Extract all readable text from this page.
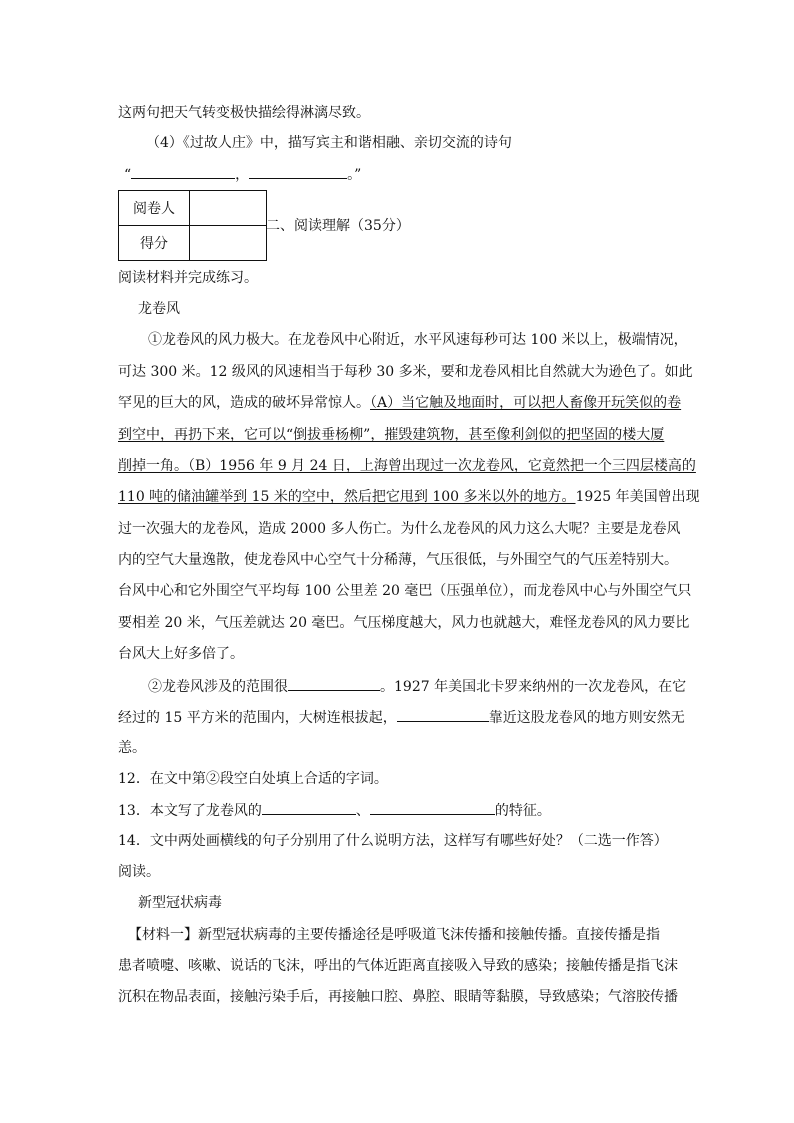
这两句把天气转变极快描绘得淋漓尽致。
（4）《过故人庄》中，描写宾主和谐相融、亲切交流的诗句
“	，	。”
阅卷人	
得分	
二、阅读理解（35分）
阅读材料并完成练习。
龙卷风
①龙卷风的风力极大。在龙卷风中心附近，水平风速每秒可达 100 米以上，极端情况，
可达 300 米。12 级风的风速相当于每秒 30 多米，要和龙卷风相比自然就大为逊色了。如此
罕见的巨大的风，造成的破坏异常惊人。（A）当它触及地面时，可以把人畜像开玩笑似的卷
到空中，再扔下来，它可以“倒拔垂杨柳”，摧毁建筑物，甚至像利剑似的把坚固的楼大厦
削掉一角。（B）1956 年 9 月 24 日，上海曾出现过一次龙卷风，它竟然把一个三四层楼高的
110 吨的储油罐举到 15 米的空中，然后把它甩到 100 多米以外的地方。1925 年美国曾出现
过一次强大的龙卷风，造成 2000 多人伤亡。为什么龙卷风的风力这么大呢？主要是龙卷风
内的空气大量逸散，使龙卷风中心空气十分稀薄，气压很低，与外围空气的气压差特别大。
台风中心和它外围空气平均每 100 公里差 20 毫巴（压强单位），而龙卷风中心与外围空气只
要相差 20 米，气压差就达 20 毫巴。气压梯度越大，风力也就越大，难怪龙卷风的风力要比
台风大上好多倍了。
②龙卷风涉及的范围很	。1927 年美国北卡罗来纳州的一次龙卷风，在它
经过的 15 平方米的范围内，大树连根拔起，	靠近这股龙卷风的地方则安然无
恙。
12．在文中第②段空白处填上合适的字词。
13．本文写了龙卷风的	、	的特征。
14．文中两处画横线的句子分别用了什么说明方法，这样写有哪些好处？（二选一作答）
阅读。
新型冠状病毒
【材料一】新型冠状病毒的主要传播途径是呼吸道飞沫传播和接触传播。直接传播是指
患者喷嚏、咳嗽、说话的飞沫，呼出的气体近距离直接吸入导致的感染；接触传播是指飞沫
沉积在物品表面，接触污染手后，再接触口腔、鼻腔、眼睛等黏膜，导致感染；气溶胶传播
